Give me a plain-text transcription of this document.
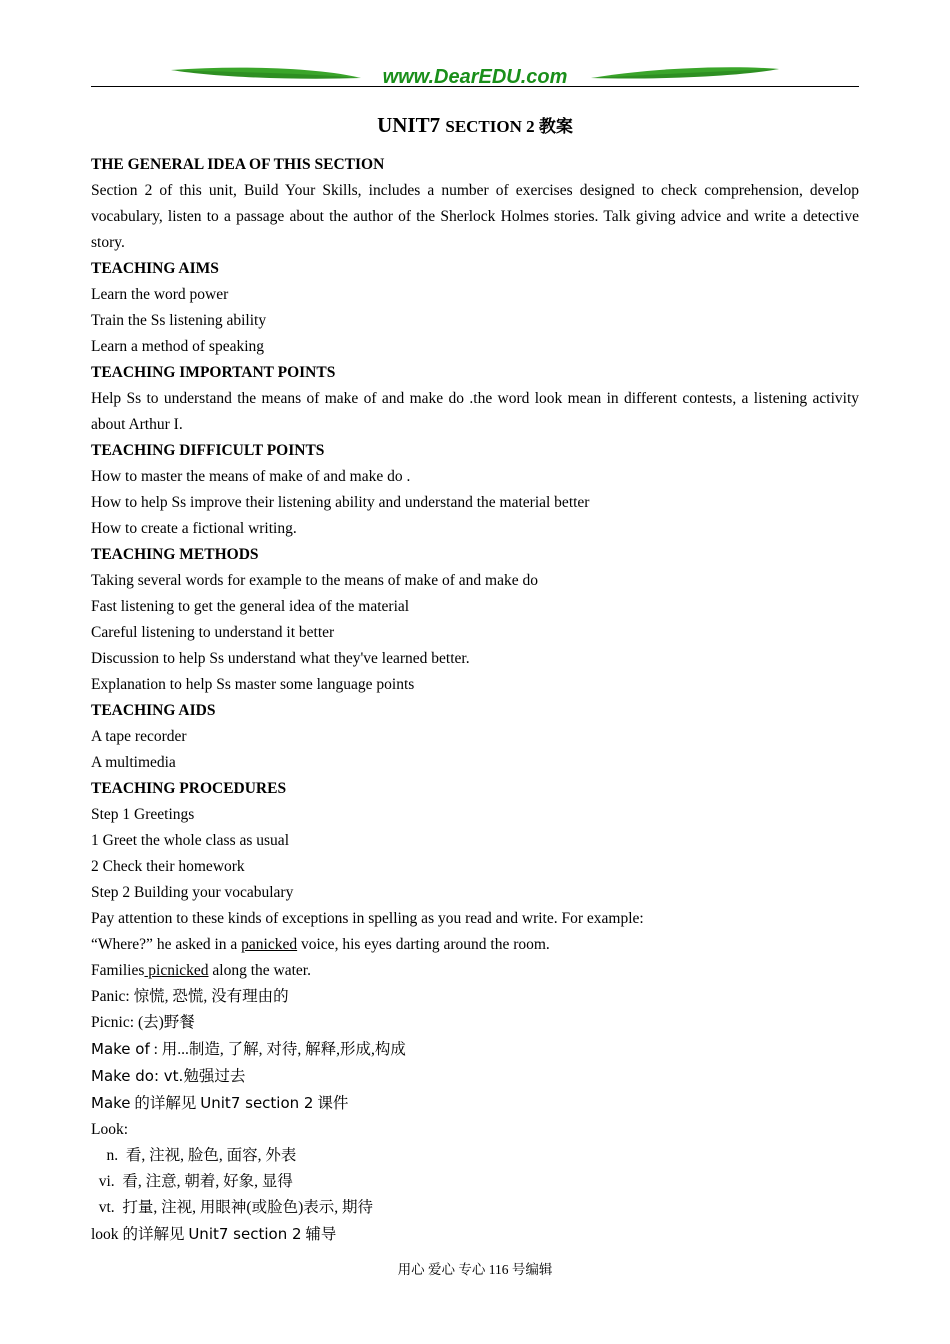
www.DearEDU.com
UNIT7 SECTION 2 教案

THE GENERAL IDEA OF THIS SECTION

Section 2 of this unit, Build Your Skills, includes a number of exercises designed to check comprehension, develop vocabulary, listen to a passage about the author of the Sherlock Holmes stories. Talk giving advice and write a detective story.

TEACHING AIMS

Learn the word power

Train the Ss listening ability

Learn a method of speaking

TEACHING IMPORTANT POINTS

Help Ss to understand the means of make of and make do .the word look mean in different contests, a listening activity about Arthur I.

TEACHING DIFFICULT POINTS

How to master the means of make of and make do .

How to help Ss improve their listening ability and understand the material better

How to create a fictional writing.

TEACHING METHODS

Taking several words for example to the means of make of and make do

Fast listening to get the general idea of the material

Careful listening to understand it better

Discussion to help Ss understand what they've learned better.

Explanation to help Ss master some language points

TEACHING AIDS

A tape recorder

A multimedia

TEACHING PROCEDURES

Step 1 Greetings

1 Greet the whole class as usual

2 Check their homework

Step 2 Building your vocabulary

Pay attention to these kinds of exceptions in spelling as you read and write. For example:

“Where?” he asked in a panicked voice, his eyes darting around the room.

Families picnicked along the water.

Panic: 惊慌, 恐慌, 没有理由的

Picnic: (去)野餐

Make of : 用...制造, 了解, 对待, 解释,形成,构成

Make do: vt.勉强过去

Make 的详解见 Unit7 section 2 课件

Look:

n.  看, 注视, 脸色, 面容, 外表

vi.  看, 注意, 朝着, 好象, 显得

vt.  打量, 注视, 用眼神(或脸色)表示, 期待

look 的详解见 Unit7 section 2 辅导

用心 爱心 专心 116 号编辑
